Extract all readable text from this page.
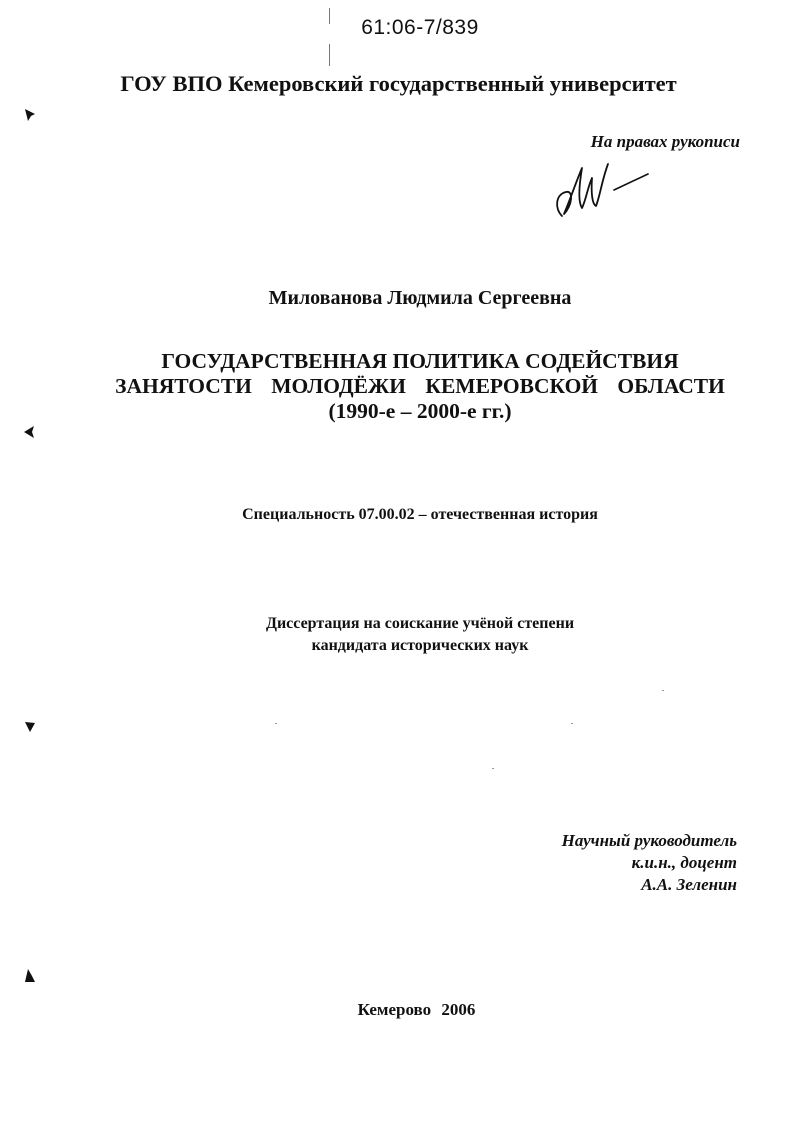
61:06-7/839
ГОУ ВПО Кемеровский государственный университет
На правах рукописи
Милованова Людмила Сергеевна
ГОСУДАРСТВЕННАЯ ПОЛИТИКА СОДЕЙСТВИЯ
ЗАНЯТОСТИ МОЛОДЁЖИ КЕМЕРОВСКОЙ ОБЛАСТИ
(1990-е – 2000-е гг.)
Специальность 07.00.02 – отечественная история
Диссертация на соискание учёной степени
кандидата исторических наук
Научный руководитель
к.и.н., доцент
А.А. Зеленин
Кемерово 2006
